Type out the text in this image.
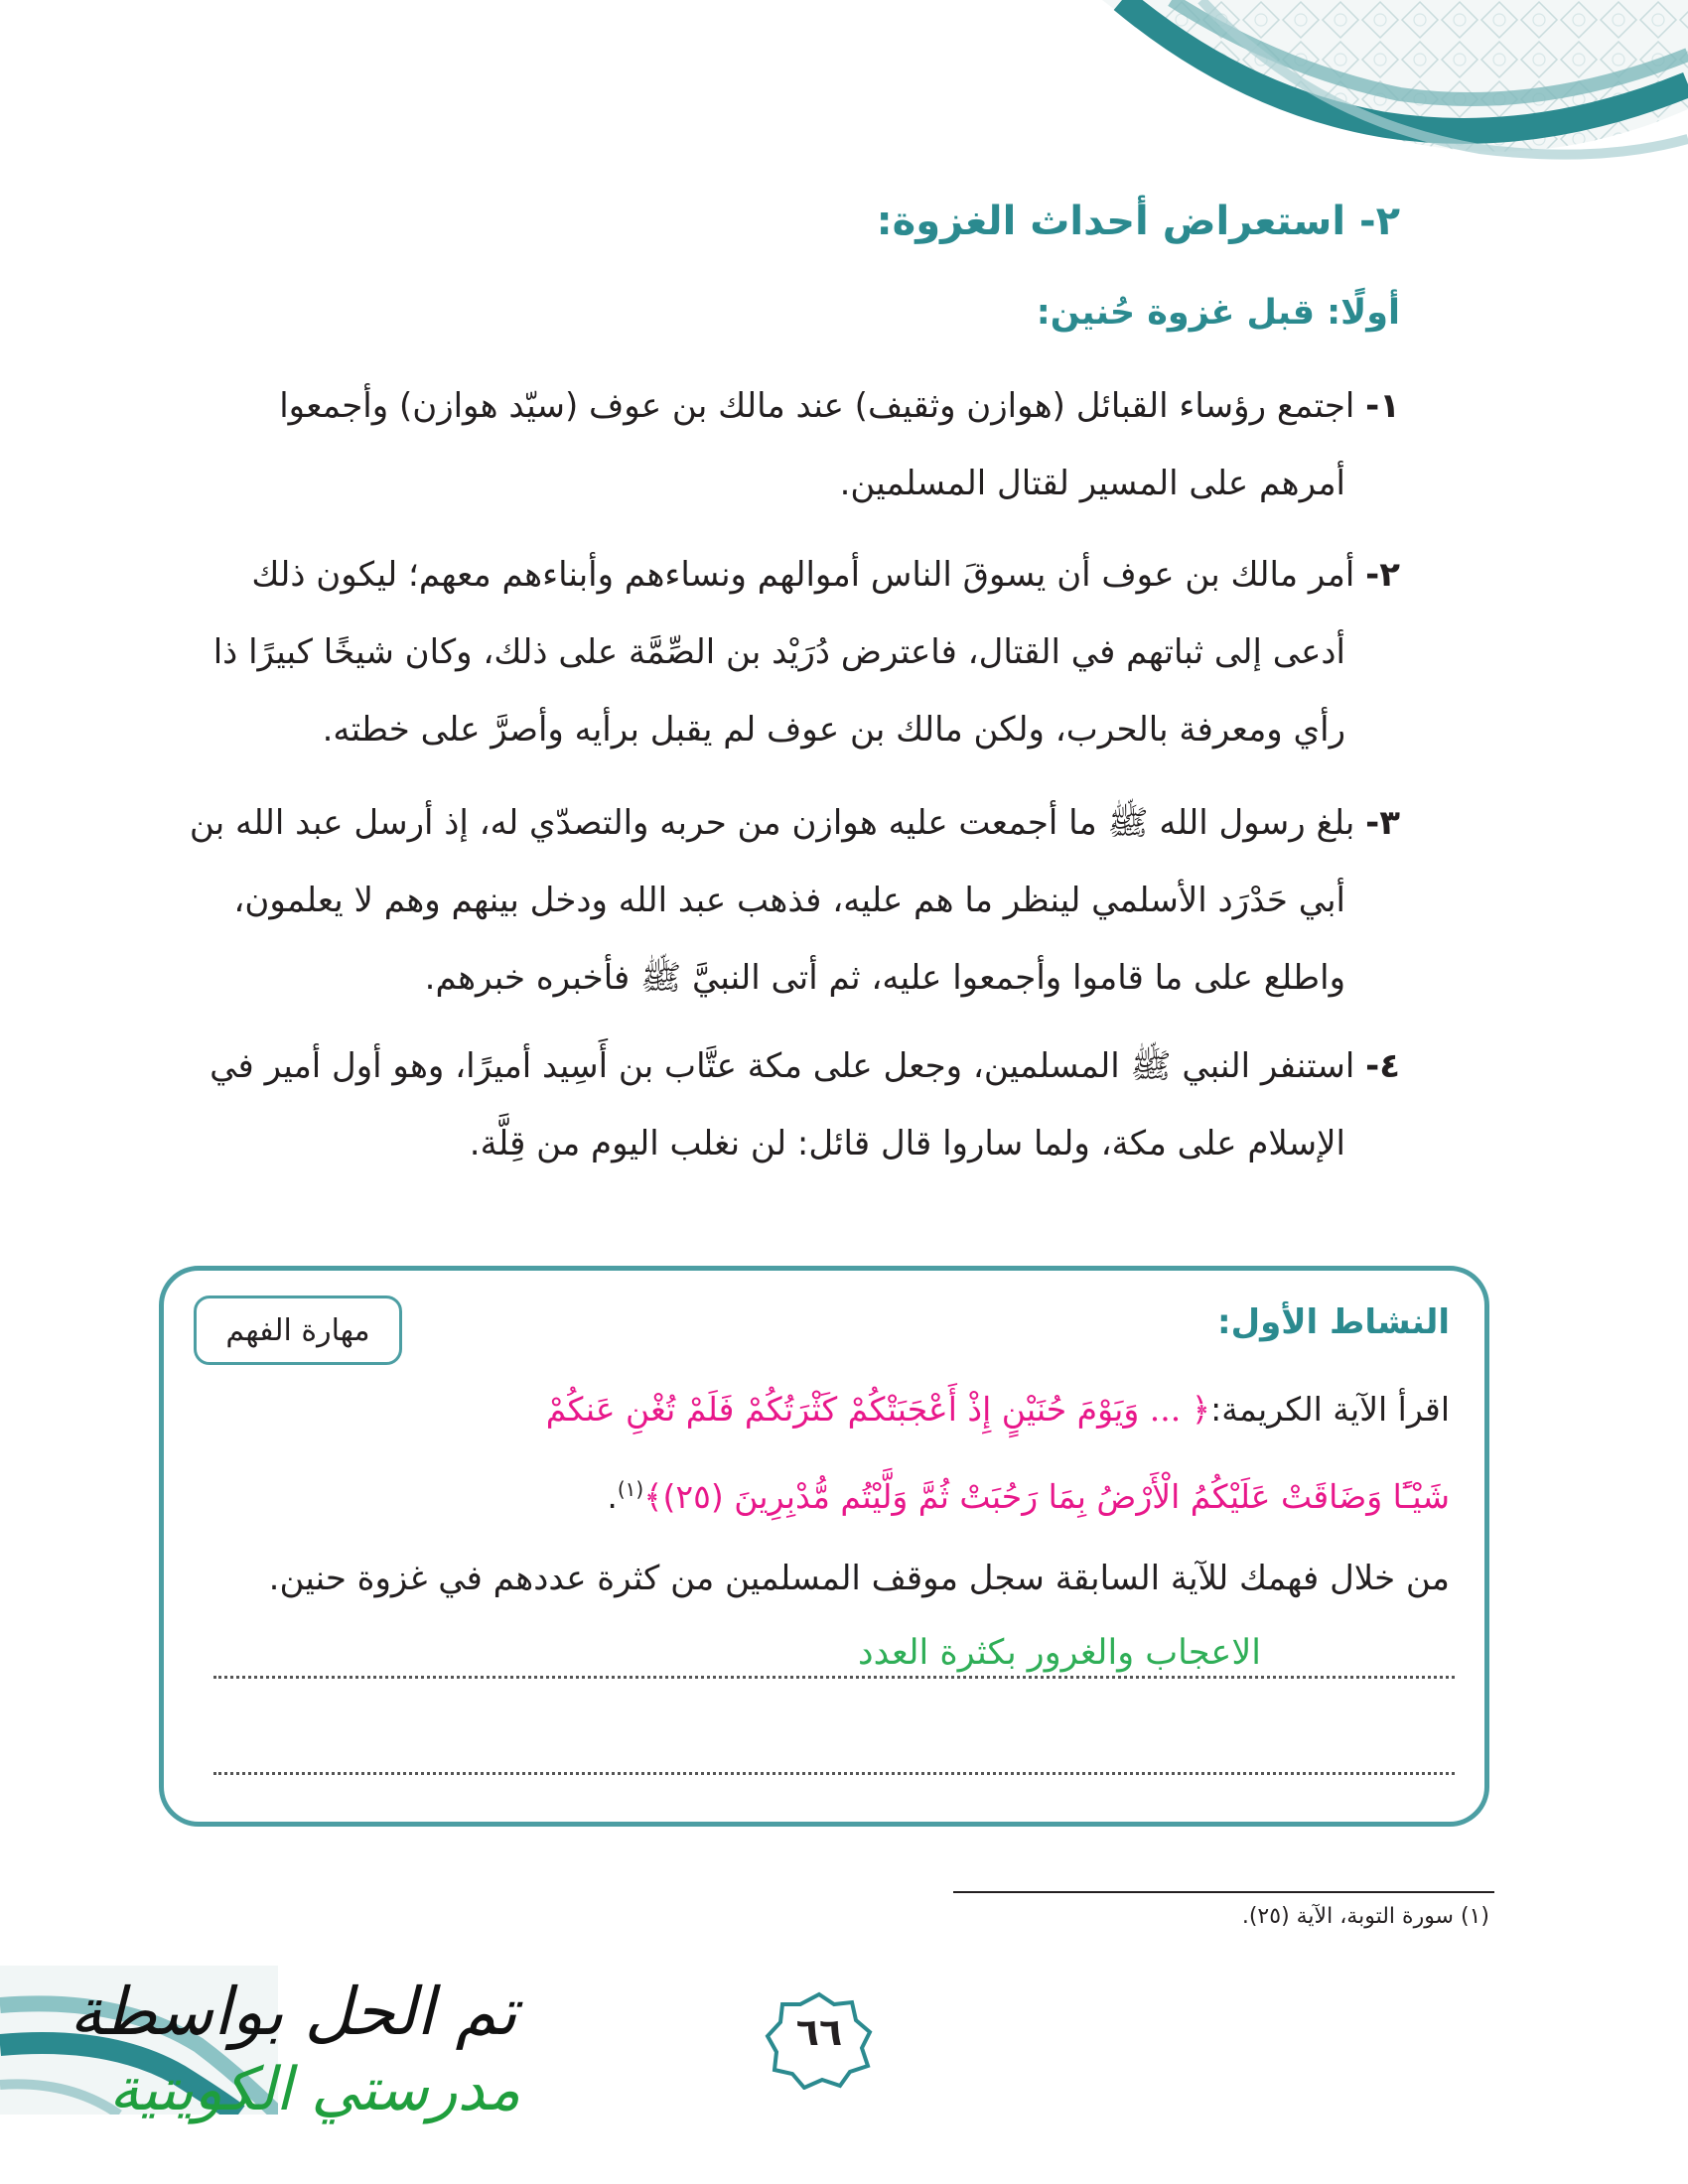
٢- استعراض أحداث الغزوة:
أولًا: قبل غزوة حُنين:
١- اجتمع رؤساء القبائل (هوازن وثقيف) عند مالك بن عوف (سيّد هوازن) وأجمعوا
أمرهم على المسير لقتال المسلمين.
٢- أمر مالك بن عوف أن يسوقَ الناس أموالهم ونساءهم وأبناءهم معهم؛ ليكون ذلك
أدعى إلى ثباتهم في القتال، فاعترض دُرَيْد بن الصِّمَّة على ذلك، وكان شيخًا كبيرًا ذا
رأي ومعرفة بالحرب، ولكن مالك بن عوف لم يقبل برأيه وأصرَّ على خطته.
٣- بلغ رسول الله ﷺ ما أجمعت عليه هوازن من حربه والتصدّي له، إذ أرسل عبد الله بن
أبي حَدْرَد الأسلمي لينظر ما هم عليه، فذهب عبد الله ودخل بينهم وهم لا يعلمون،
واطلع على ما قاموا وأجمعوا عليه، ثم أتى النبيَّ ﷺ فأخبره خبرهم.
٤- استنفر النبي ﷺ المسلمين، وجعل على مكة عتَّاب بن أَسِيد أميرًا، وهو أول أمير في
الإسلام على مكة، ولما ساروا قال قائل: لن نغلب اليوم من قِلَّة.
مهارة الفهم	النشاط الأول:
اقرأ الآية الكريمة:﴿ ... وَيَوْمَ حُنَيْنٍ إِذْ أَعْجَبَتْكُمْ كَثْرَتُكُمْ فَلَمْ تُغْنِ عَنكُمْ
شَيْـًٔا وَضَاقَتْ عَلَيْكُمُ الْأَرْضُ بِمَا رَحُبَتْ ثُمَّ وَلَّيْتُم مُّدْبِرِينَ (٢٥)﴾$^{(١)}$.
من خلال فهمك للآية السابقة سجل موقف المسلمين من كثرة عددهم في غزوة حنين.
الاعجاب والغرور بكثرة العدد
(١) سورة التوبة، الآية (٢٥).
٦٦
تم الحل بواسطة
مدرستي الكويتية
